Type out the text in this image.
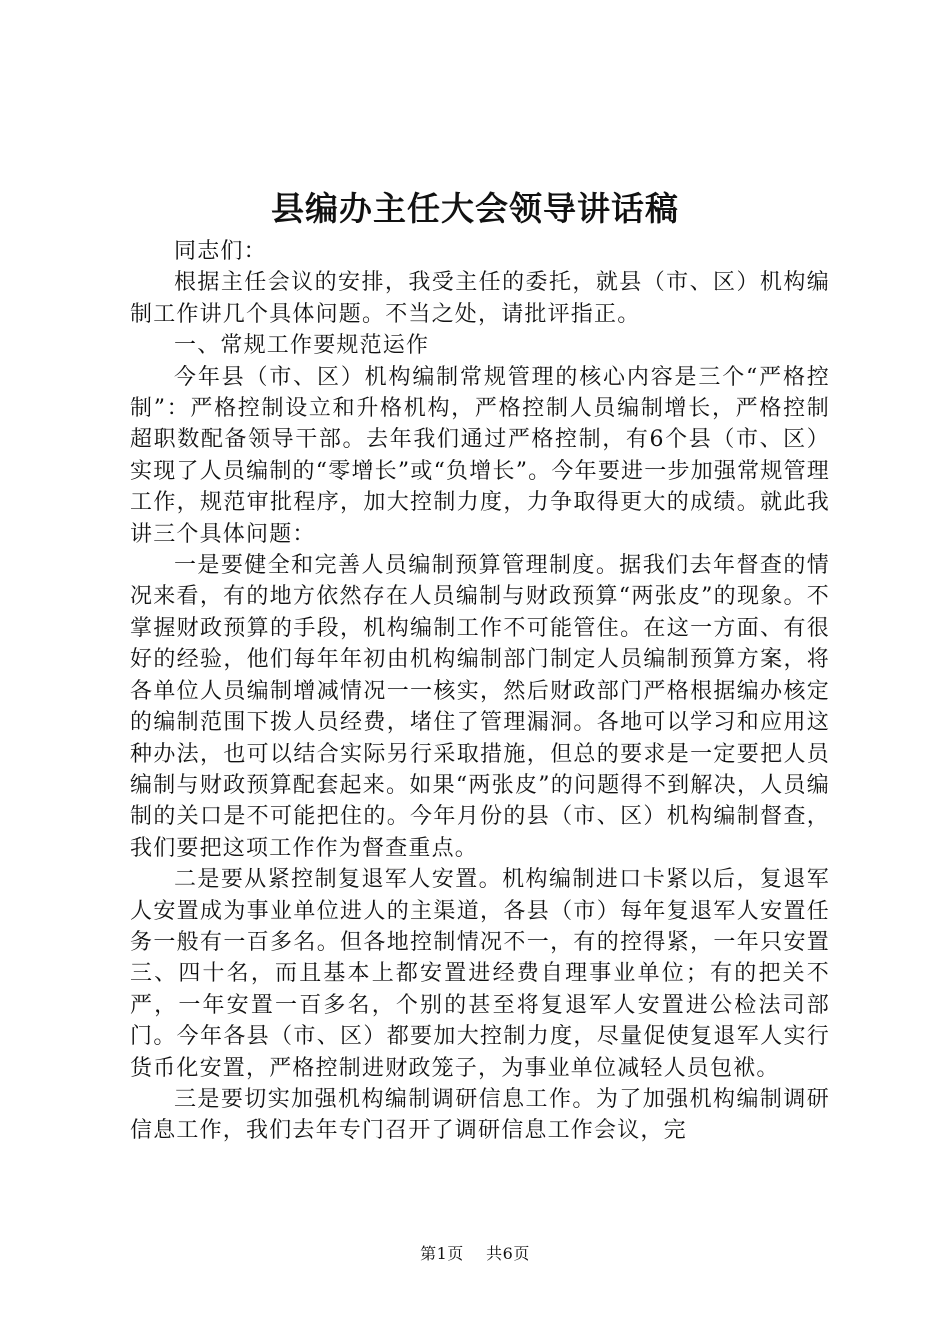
县编办主任大会领导讲话稿

同志们：

根据主任会议的安排，我受主任的委托，就县（市、区）机构编制工作讲几个具体问题。不当之处，请批评指正。

一、常规工作要规范运作

今年县（市、区）机构编制常规管理的核心内容是三个“严格控制”：严格控制设立和升格机构，严格控制人员编制增长，严格控制超职数配备领导干部。去年我们通过严格控制，有6个县（市、区）实现了人员编制的“零增长”或“负增长”。今年要进一步加强常规管理工作，规范审批程序，加大控制力度，力争取得更大的成绩。就此我讲三个具体问题：

一是要健全和完善人员编制预算管理制度。据我们去年督查的情况来看，有的地方依然存在人员编制与财政预算“两张皮”的现象。不掌握财政预算的手段，机构编制工作不可能管住。在这一方面、有很好的经验，他们每年年初由机构编制部门制定人员编制预算方案，将各单位人员编制增减情况一一核实，然后财政部门严格根据编办核定的编制范围下拨人员经费，堵住了管理漏洞。各地可以学习和应用这种办法，也可以结合实际另行采取措施，但总的要求是一定要把人员编制与财政预算配套起来。如果“两张皮”的问题得不到解决，人员编制的关口是不可能把住的。今年月份的县（市、区）机构编制督查，我们要把这项工作作为督查重点。

二是要从紧控制复退军人安置。机构编制进口卡紧以后，复退军人安置成为事业单位进人的主渠道，各县（市）每年复退军人安置任务一般有一百多名。但各地控制情况不一，有的控得紧，一年只安置三、四十名，而且基本上都安置进经费自理事业单位；有的把关不严，一年安置一百多名，个别的甚至将复退军人安置进公检法司部门。今年各县（市、区）都要加大控制力度，尽量促使复退军人实行货币化安置，严格控制进财政笼子，为事业单位减轻人员包袱。

三是要切实加强机构编制调研信息工作。为了加强机构编制调研信息工作，我们去年专门召开了调研信息工作会议，完

第1页 共6页
